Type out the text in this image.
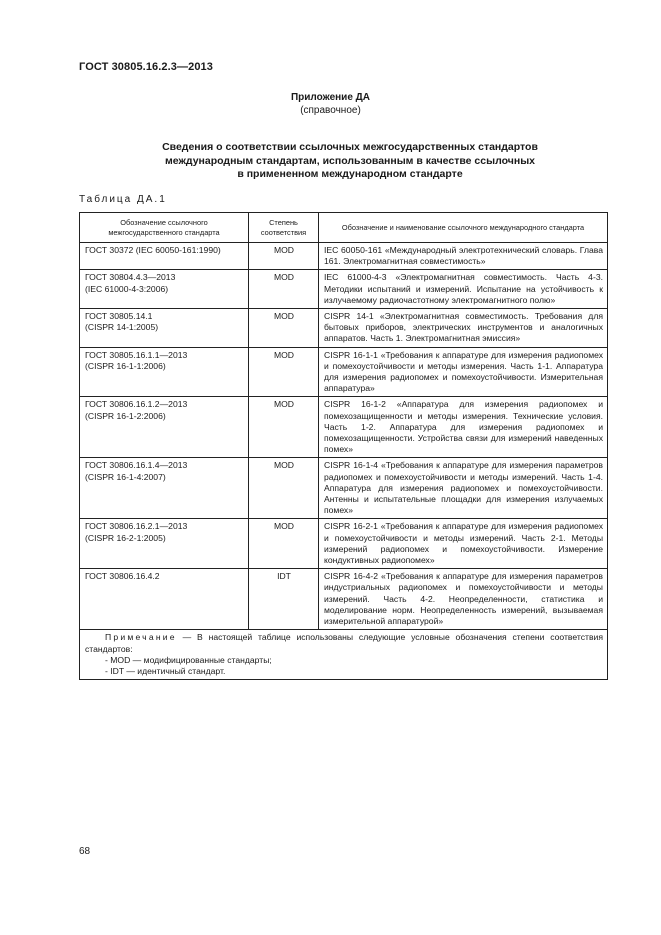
ГОСТ 30805.16.2.3—2013
Приложение ДА
(справочное)
Сведения о соответствии ссылочных межгосударственных стандартов
международным стандартам, использованным в качестве ссылочных
в примененном международном стандарте
Таблица ДА.1
Обозначение ссылочного межгосударственного стандарта	Степень соответствия	Обозначение и наименование ссылочного международного стандарта
ГОСТ 30372 (IEC 60050-161:1990)	MOD	IEC 60050-161 «Международный электротехнический словарь. Глава 161. Электромагнитная совместимость»
ГОСТ 30804.4.3—2013
(IEC 61000-4-3:2006)	MOD	IEC 61000-4-3 «Электромагнитная совместимость. Часть 4-3. Методики испытаний и измерений. Испытание на устойчивость к излучаемому радиочастотному электромагнитного полю»
ГОСТ 30805.14.1
(CISPR 14-1:2005)	MOD	CISPR 14-1 «Электромагнитная совместимость. Требования для бытовых приборов, электрических инструментов и аналогичных аппаратов. Часть 1. Электромагнитная эмиссия»
ГОСТ 30805.16.1.1—2013
(CISPR 16-1-1:2006)	MOD	CISPR 16-1-1 «Требования к аппаратуре для измерения радиопомех и помехоустойчивости и методы измерения. Часть 1-1. Аппаратура для измерения радиопомех и помехоустойчивости. Измерительная аппаратура»
ГОСТ 30806.16.1.2—2013
(CISPR 16-1-2:2006)	MOD	CISPR 16-1-2 «Аппаратура для измерения радиопомех и помехозащищенности и методы измерения. Технические условия. Часть 1-2. Аппаратура для измерения радиопомех и помехозащищенности. Устройства связи для измерений наведенных помех»
ГОСТ 30806.16.1.4—2013
(CISPR 16-1-4:2007)	MOD	CISPR 16-1-4 «Требования к аппаратуре для измерения параметров радиопомех и помехоустойчивости и методы измерений. Часть 1-4. Аппаратура для измерения радиопомех и помехоустойчивости. Антенны и испытательные площадки для измерения излучаемых помех»
ГОСТ 30806.16.2.1—2013
(CISPR 16-2-1:2005)	MOD	CISPR 16-2-1 «Требования к аппаратуре для измерения радиопомех и помехоустойчивости и методы измерений. Часть 2-1. Методы измерений радиопомех и помехоустойчивости. Измерение кондуктивных радиопомех»
ГОСТ 30806.16.4.2	IDT	CISPR 16-4-2 «Требования к аппаратуре для измерения параметров индустриальных радиопомех и помехоустойчивости и методы измерений. Часть 4-2. Неопределенности, статистика и моделирование норм. Неопределенность измерений, вызываемая измерительной аппаратурой»

Примечание — В настоящей таблице использованы следующие условные обозначения степени соответствия стандартов:
- MOD — модифицированные стандарты;
- IDT — идентичный стандарт.		
68
